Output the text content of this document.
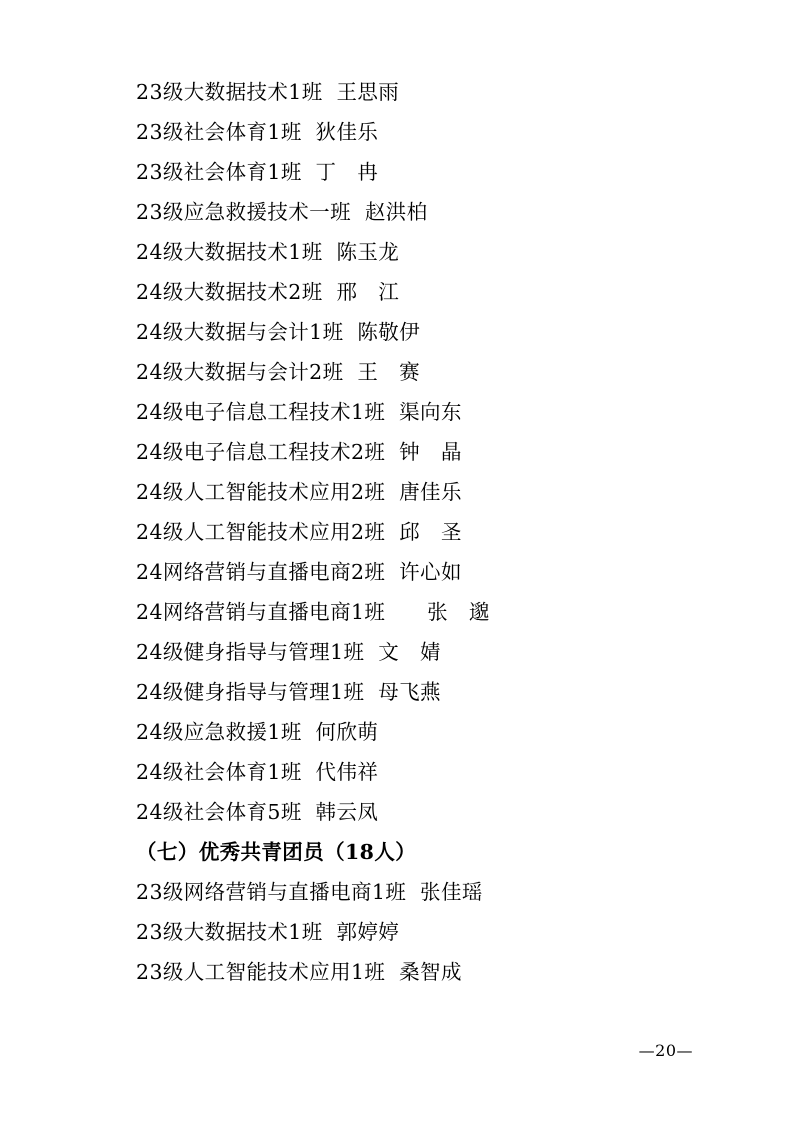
23级大数据技术1班  王思雨

23级社会体育1班  狄佳乐

23级社会体育1班  丁　冉

23级应急救援技术一班  赵洪柏

24级大数据技术1班  陈玉龙

24级大数据技术2班  邢　江

24级大数据与会计1班  陈敬伊

24级大数据与会计2班  王　赛

24级电子信息工程技术1班  渠向东

24级电子信息工程技术2班  钟　晶

24级人工智能技术应用2班  唐佳乐

24级人工智能技术应用2班  邱　圣

24网络营销与直播电商2班  许心如

24网络营销与直播电商1班　　张　邈

24级健身指导与管理1班  文　婧

24级健身指导与管理1班  母飞燕

24级应急救援1班  何欣萌

24级社会体育1班  代伟祥

24级社会体育5班  韩云凤

（七）优秀共青团员（18人）

23级网络营销与直播电商1班  张佳瑶

23级大数据技术1班  郭婷婷

23级人工智能技术应用1班  桑智成

—20—
